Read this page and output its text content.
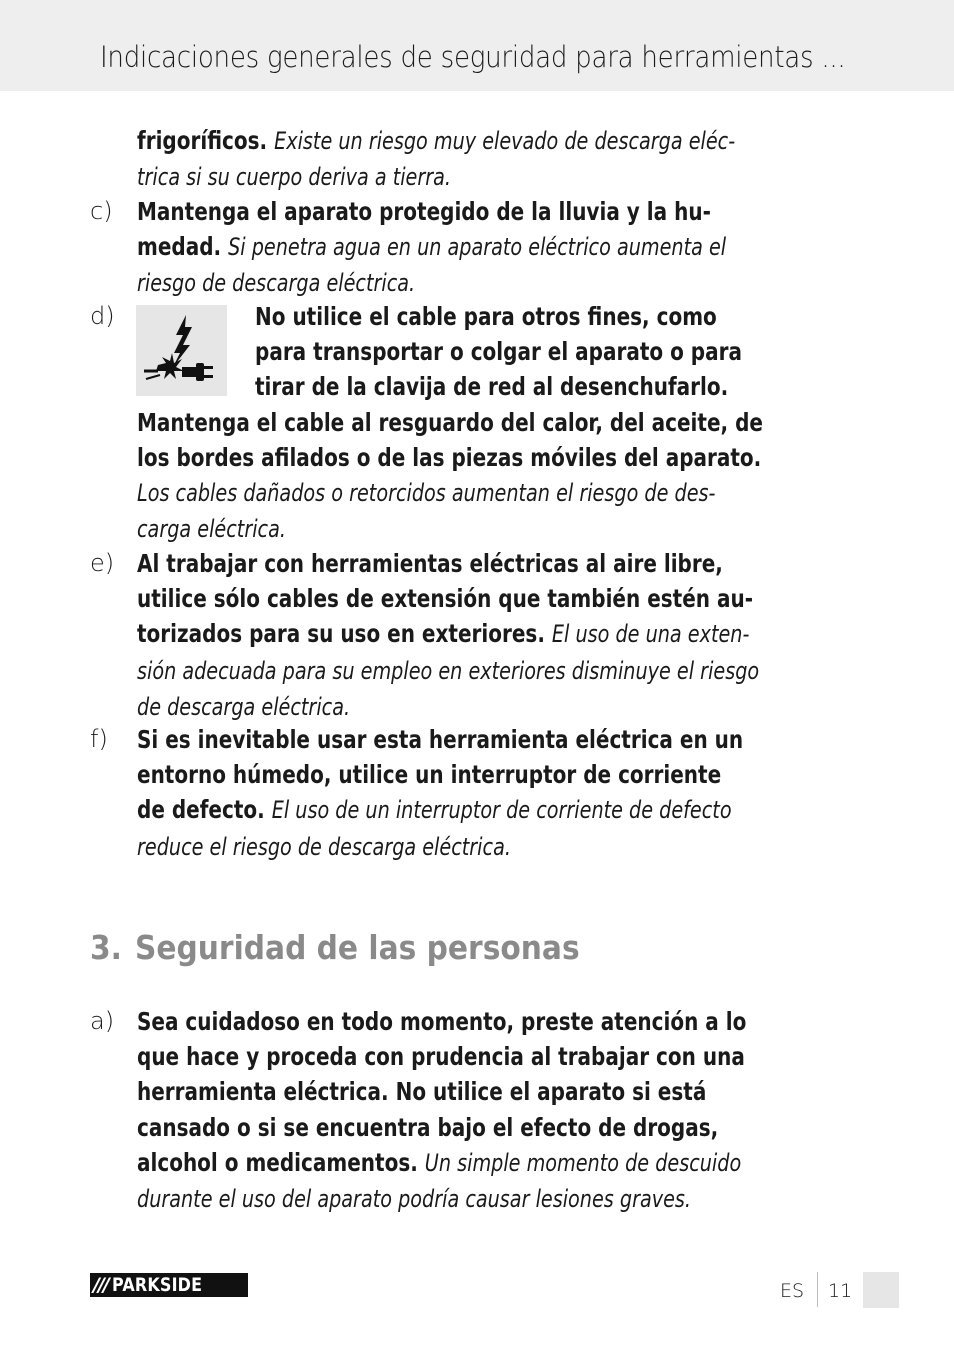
Indicaciones generales de seguridad para herramientas ...
frigoríficos. Existe un riesgo muy elevado de descarga eléc-
trica si su cuerpo deriva a tierra.
c) Mantenga el aparato protegido de la lluvia y la hu-
medad. Si penetra agua en un aparato eléctrico aumenta el
riesgo de descarga eléctrica.
d)	No utilice el cable para otros fines, como
para transportar o colgar el aparato o para
tirar de la clavija de red al desenchufarlo.
Mantenga el cable al resguardo del calor, del aceite, de
los bordes afilados o de las piezas móviles del aparato.
Los cables dañados o retorcidos aumentan el riesgo de des-
carga eléctrica.
e) Al trabajar con herramientas eléctricas al aire libre,
utilice sólo cables de extensión que también estén au-
torizados para su uso en exteriores. El uso de una exten-
sión adecuada para su empleo en exteriores disminuye el riesgo
de descarga eléctrica.
f) Si es inevitable usar esta herramienta eléctrica en un
entorno húmedo, utilice un interruptor de corriente
de defecto. El uso de un interruptor de corriente de defecto
reduce el riesgo de descarga eléctrica.
3. Seguridad de las personas
a) Sea cuidadoso en todo momento, preste atención a lo
que hace y proceda con prudencia al trabajar con una
herramienta eléctrica. No utilice el aparato si está
cansado o si se encuentra bajo el efecto de drogas,
alcohol o medicamentos. Un simple momento de descuido
durante el uso del aparato podría causar lesiones graves.
/// PARKSIDE	ES 11
